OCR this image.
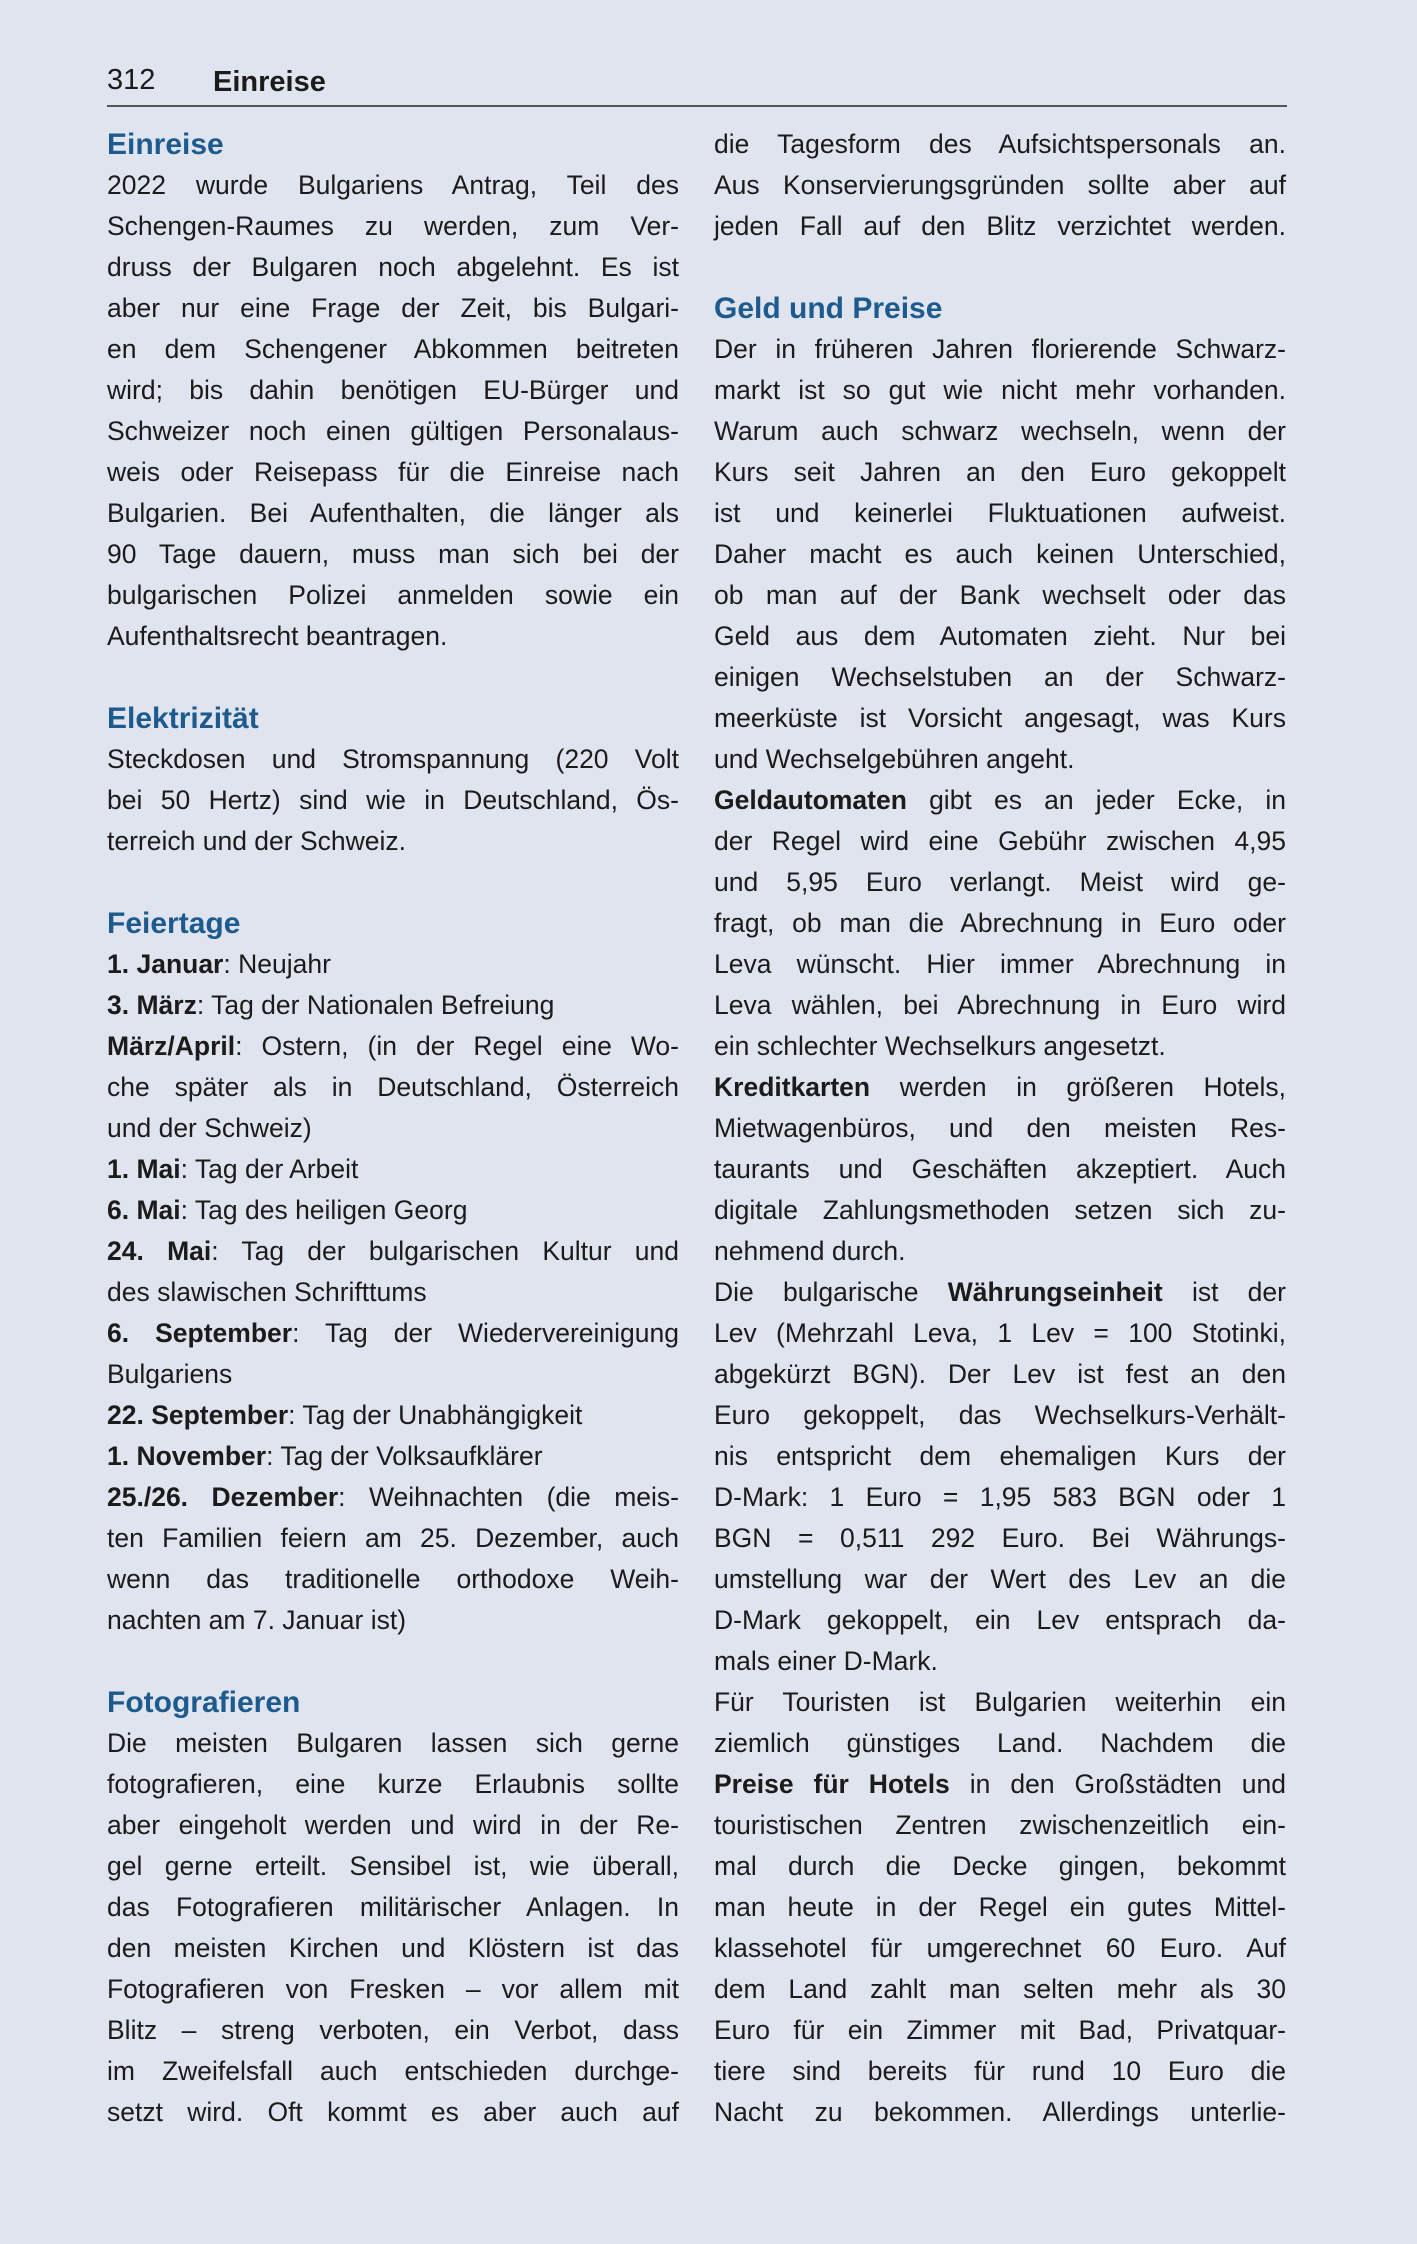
312 Einreise
Einreise
2022 wurde Bulgariens Antrag, Teil des
Schengen-Raumes zu werden, zum Ver-
druss der Bulgaren noch abgelehnt. Es ist
aber nur eine Frage der Zeit, bis Bulgari-
en dem Schengener Abkommen beitreten
wird; bis dahin benötigen EU-Bürger und
Schweizer noch einen gültigen Personalaus-
weis oder Reisepass für die Einreise nach
Bulgarien. Bei Aufenthalten, die länger als
90 Tage dauern, muss man sich bei der
bulgarischen Polizei anmelden sowie ein
Aufenthaltsrecht beantragen.
Elektrizität
Steckdosen und Stromspannung (220 Volt
bei 50 Hertz) sind wie in Deutschland, Ös-
terreich und der Schweiz.
Feiertage
1. Januar: Neujahr
3. März: Tag der Nationalen Befreiung
März/April: Ostern, (in der Regel eine Wo-
che später als in Deutschland, Österreich
und der Schweiz)
1. Mai: Tag der Arbeit
6. Mai: Tag des heiligen Georg
24. Mai: Tag der bulgarischen Kultur und
des slawischen Schrifttums
6. September: Tag der Wiedervereinigung
Bulgariens
22. September: Tag der Unabhängigkeit
1. November: Tag der Volksaufklärer
25./26. Dezember: Weihnachten (die meis-
ten Familien feiern am 25. Dezember, auch
wenn das traditionelle orthodoxe Weih-
nachten am 7. Januar ist)
Fotografieren
Die meisten Bulgaren lassen sich gerne
fotografieren, eine kurze Erlaubnis sollte
aber eingeholt werden und wird in der Re-
gel gerne erteilt. Sensibel ist, wie überall,
das Fotografieren militärischer Anlagen. In
den meisten Kirchen und Klöstern ist das
Fotografieren von Fresken – vor allem mit
Blitz – streng verboten, ein Verbot, dass
im Zweifelsfall auch entschieden durchge-
setzt wird. Oft kommt es aber auch auf
die Tagesform des Aufsichtspersonals an.
Aus Konservierungsgründen sollte aber auf
jeden Fall auf den Blitz verzichtet werden.
Geld und Preise
Der in früheren Jahren florierende Schwarz-
markt ist so gut wie nicht mehr vorhanden.
Warum auch schwarz wechseln, wenn der
Kurs seit Jahren an den Euro gekoppelt
ist und keinerlei Fluktuationen aufweist.
Daher macht es auch keinen Unterschied,
ob man auf der Bank wechselt oder das
Geld aus dem Automaten zieht. Nur bei
einigen Wechselstuben an der Schwarz-
meerküste ist Vorsicht angesagt, was Kurs
und Wechselgebühren angeht.
Geldautomaten gibt es an jeder Ecke, in
der Regel wird eine Gebühr zwischen 4,95
und 5,95 Euro verlangt. Meist wird ge-
fragt, ob man die Abrechnung in Euro oder
Leva wünscht. Hier immer Abrechnung in
Leva wählen, bei Abrechnung in Euro wird
ein schlechter Wechselkurs angesetzt.
Kreditkarten werden in größeren Hotels,
Mietwagenbüros, und den meisten Res-
taurants und Geschäften akzeptiert. Auch
digitale Zahlungsmethoden setzen sich zu-
nehmend durch.
Die bulgarische Währungseinheit ist der
Lev (Mehrzahl Leva, 1 Lev = 100 Stotinki,
abgekürzt BGN). Der Lev ist fest an den
Euro gekoppelt, das Wechselkurs-Verhält-
nis entspricht dem ehemaligen Kurs der
D-Mark: 1 Euro = 1,95 583 BGN oder 1
BGN = 0,511 292 Euro. Bei Währungs-
umstellung war der Wert des Lev an die
D-Mark gekoppelt, ein Lev entsprach da-
mals einer D-Mark.
Für Touristen ist Bulgarien weiterhin ein
ziemlich günstiges Land. Nachdem die
Preise für Hotels in den Großstädten und
touristischen Zentren zwischenzeitlich ein-
mal durch die Decke gingen, bekommt
man heute in der Regel ein gutes Mittel-
klassehotel für umgerechnet 60 Euro. Auf
dem Land zahlt man selten mehr als 30
Euro für ein Zimmer mit Bad, Privatquar-
tiere sind bereits für rund 10 Euro die
Nacht zu bekommen. Allerdings unterlie-
